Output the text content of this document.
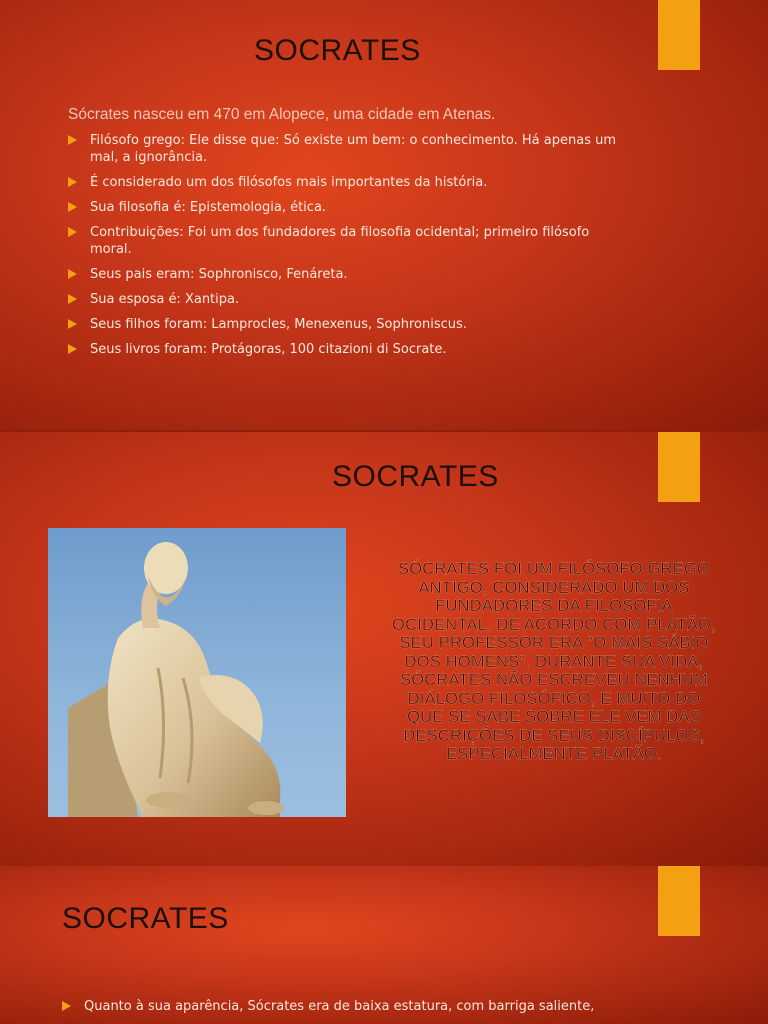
SOCRATES
Sócrates nasceu em 470 em Alopece, uma cidade em Atenas.
Filósofo grego: Ele disse que: Só existe um bem: o conhecimento. Há apenas um mal, a ignorância.
É considerado um dos filósofos mais importantes da história.
Sua filosofia é: Epistemologia, ética.
Contribuições: Foi um dos fundadores da filosofia ocidental; primeiro filósofo moral.
Seus pais eram: Sophronisco, Fenáreta.
Sua esposa é: Xantipa.
Seus filhos foram: Lamprocles, Menexenus, Sophroniscus.
Seus livros foram: Protágoras, 100 citazioni di Socrate.
SOCRATES
SÓCRATES FOI UM FILÓSOFO GREGO ANTIGO, CONSIDERADO UM DOS FUNDADORES DA FILOSOFIA OCIDENTAL. DE ACORDO COM PLATÃO, SEU PROFESSOR ERA "O MAIS SÁBIO DOS HOMENS". DURANTE SUA VIDA, SÓCRATES NÃO ESCREVEU NENHUM DIÁLOGO FILOSÓFICO, E MUITO DO QUE SE SABE SOBRE ELE VEM DAS DESCRIÇÕES DE SEUS DISCÍPULOS, ESPECIALMENTE PLATÃO.
SOCRATES
Quanto à sua aparência, Sócrates era de baixa estatura, com barriga saliente,
